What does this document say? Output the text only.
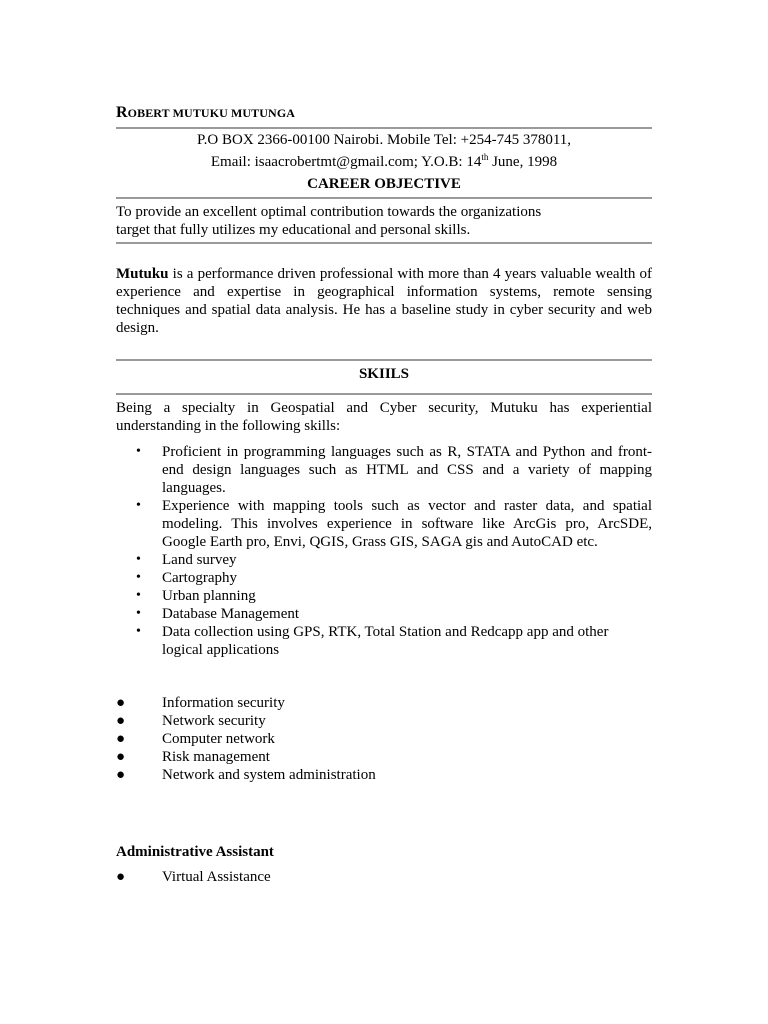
ROBERT MUTUKU MUTUNGA
P.O BOX 2366-00100 Nairobi. Mobile Tel: +254-745 378011,
Email: isaacrobertmt@gmail.com; Y.O.B: 14th June, 1998
CAREER OBJECTIVE
To provide an excellent optimal contribution towards the organizations
target that fully utilizes my educational and personal skills.
Mutuku is a performance driven professional with more than 4 years valuable wealth of experience and expertise in geographical information systems, remote sensing techniques and spatial data analysis. He has a baseline study in cyber security and web design.
SKIILS
Being a specialty in Geospatial and Cyber security, Mutuku has experiential understanding in the following skills:
• Proficient in programming languages such as R, STATA and Python and front-end design languages such as HTML and CSS and a variety of mapping languages.
• Experience with mapping tools such as vector and raster data, and spatial modeling. This involves experience in software like ArcGis pro, ArcSDE, Google Earth pro, Envi, QGIS, Grass GIS, SAGA gis and AutoCAD etc.
• Land survey
• Cartography
• Urban planning
• Database Management
• Data collection using GPS, RTK, Total Station and Redcapp app and other logical applications
● Information security
● Network security
● Computer network
● Risk management
● Network and system administration
Administrative Assistant
● Virtual Assistance
